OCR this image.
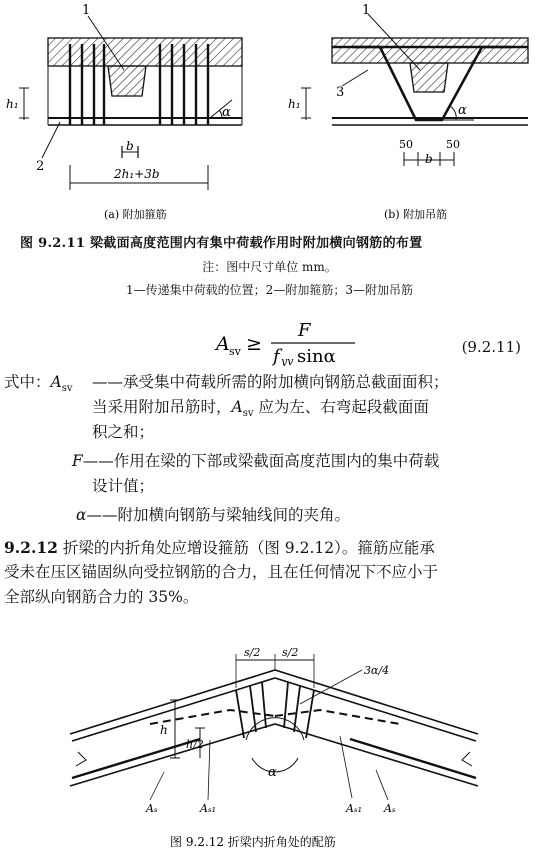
α
1
2
h₁
b
2h₁+3b
(a) 附加箍筋
α
1
3
h₁
50
b
50
(b) 附加吊筋
图 9.2.11 梁截面高度范围内有集中荷载作用时附加横向钢筋的布置
注：图中尺寸单位 mm。
1—传递集中荷载的位置；2—附加箍筋；3—附加吊筋
A sv ≥
F
f yv sinα	(9.2.11)
式中：$A_{sv}$ ——承受集中荷载所需的附加横向钢筋总截面面积；
当采用附加吊筋时，$A_{sv}$ 应为左、右弯起段截面面
积之和；
F——作用在梁的下部或梁截面高度范围内的集中荷载
设计值；
α——附加横向钢筋与梁轴线间的夹角。
9.2.12 折梁的内折角处应增设箍筋（图 9.2.12）。箍筋应能承
受未在压区锚固纵向受拉钢筋的合力，且在任何情况下不应小于
全部纵向钢筋合力的 35%。
s/2 s/2
3α/4
h
h/2
α
Aₛ	Aₛ₁	Aₛ₁ Aₛ
图 9.2.12 折梁内折角处的配筋
